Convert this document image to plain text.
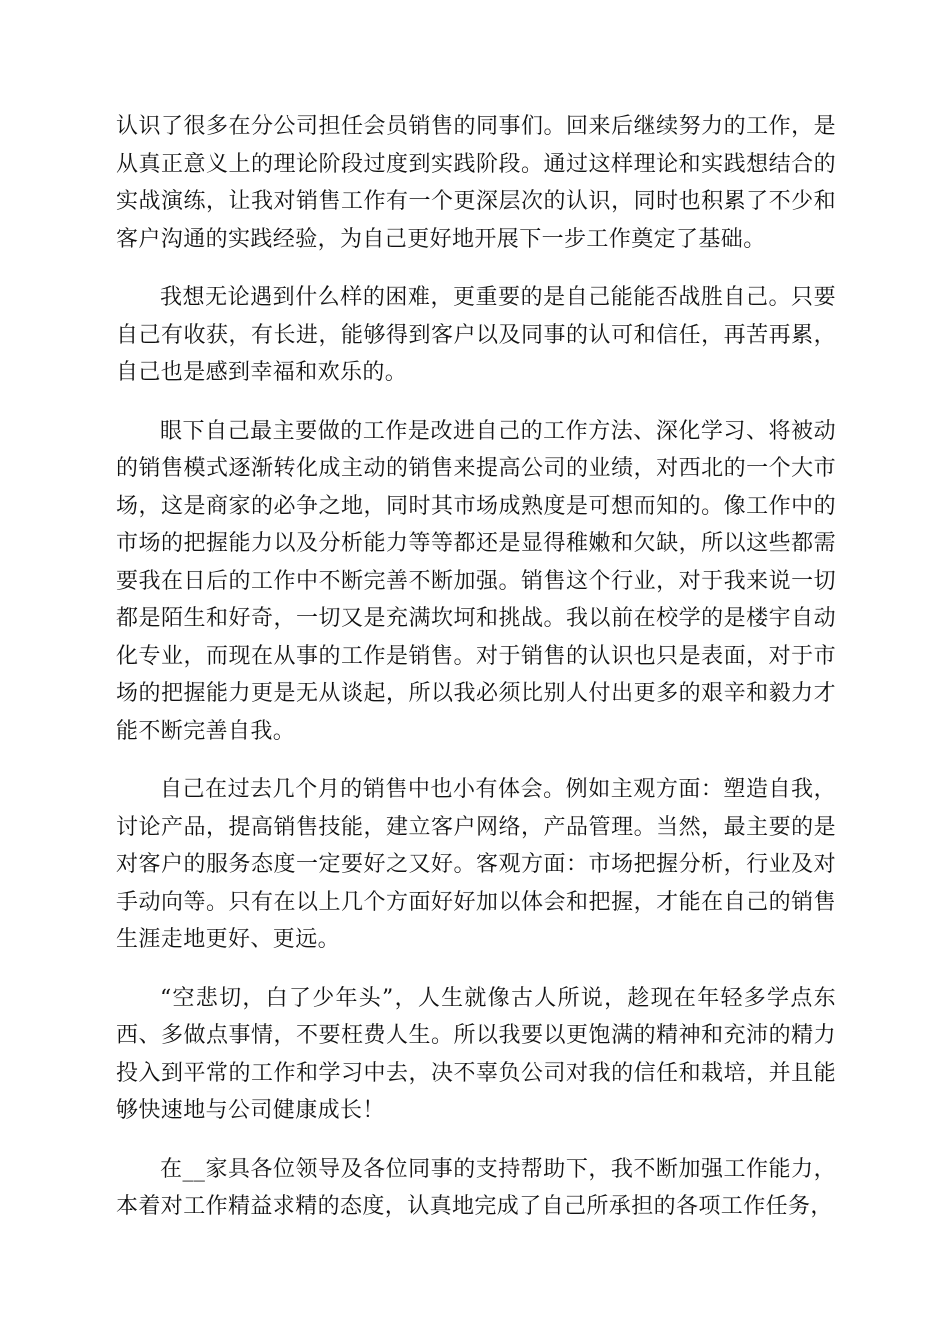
认识了很多在分公司担任会员销售的同事们。回来后继续努力的工作，是从真正意义上的理论阶段过度到实践阶段。通过这样理论和实践想结合的实战演练，让我对销售工作有一个更深层次的认识，同时也积累了不少和客户沟通的实践经验，为自己更好地开展下一步工作奠定了基础。

我想无论遇到什么样的困难，更重要的是自己能能否战胜自己。只要自己有收获，有长进，能够得到客户以及同事的认可和信任，再苦再累，自己也是感到幸福和欢乐的。

眼下自己最主要做的工作是改进自己的工作方法、深化学习、将被动的销售模式逐渐转化成主动的销售来提高公司的业绩，对西北的一个大市场，这是商家的必争之地，同时其市场成熟度是可想而知的。像工作中的市场的把握能力以及分析能力等等都还是显得稚嫩和欠缺，所以这些都需要我在日后的工作中不断完善不断加强。销售这个行业，对于我来说一切都是陌生和好奇，一切又是充满坎坷和挑战。我以前在校学的是楼宇自动化专业，而现在从事的工作是销售。对于销售的认识也只是表面，对于市场的把握能力更是无从谈起，所以我必须比别人付出更多的艰辛和毅力才能不断完善自我。

自己在过去几个月的销售中也小有体会。例如主观方面：塑造自我，讨论产品，提高销售技能，建立客户网络，产品管理。当然，最主要的是对客户的服务态度一定要好之又好。客观方面：市场把握分析，行业及对手动向等。只有在以上几个方面好好加以体会和把握，才能在自己的销售生涯走地更好、更远。

“空悲切，白了少年头”，人生就像古人所说，趁现在年轻多学点东西、多做点事情，不要枉费人生。所以我要以更饱满的精神和充沛的精力投入到平常的工作和学习中去，决不辜负公司对我的信任和栽培，并且能够快速地与公司健康成长！

在__家具各位领导及各位同事的支持帮助下，我不断加强工作能力，本着对工作精益求精的态度，认真地完成了自己所承担的各项工作任务，
